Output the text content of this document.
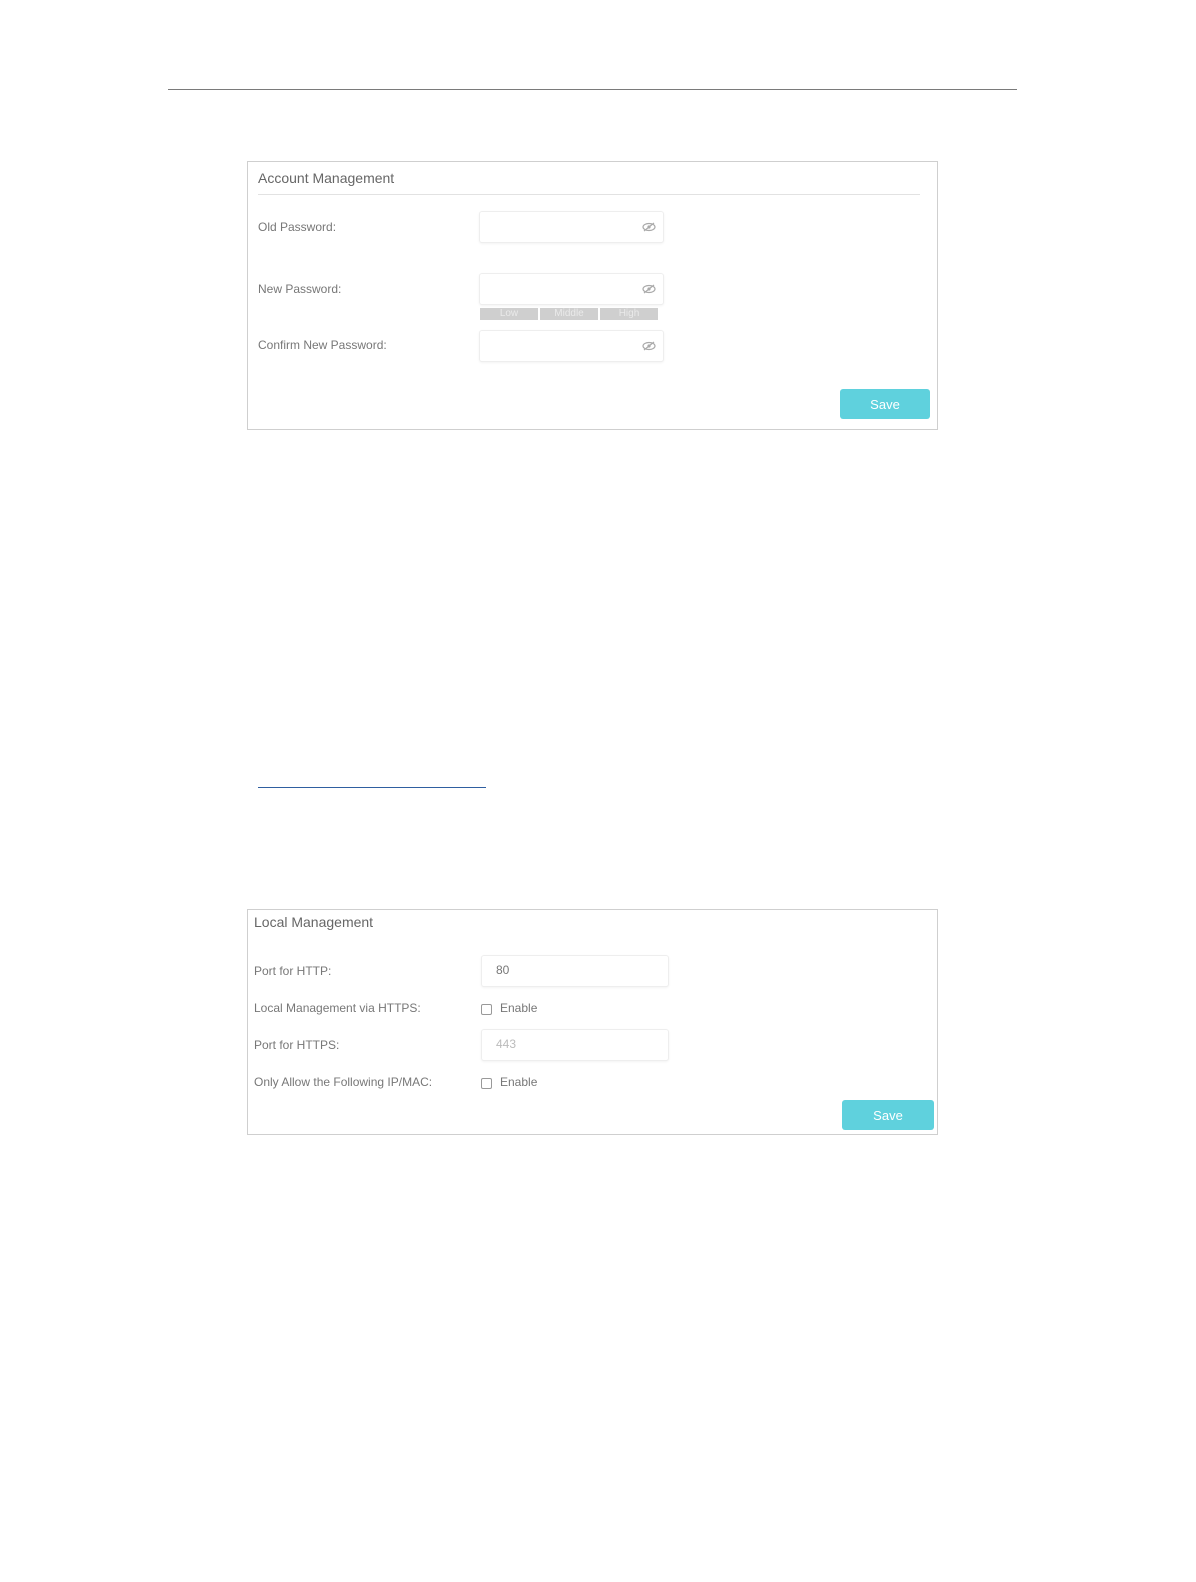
Account Management
Old Password:
New Password:
Low	Middle	High
Confirm New Password:
Save
Local Management
Port for HTTP:	80
Local Management via HTTPS:	Enable
Port for HTTPS:	443
Only Allow the Following IP/MAC:	Enable
Save
